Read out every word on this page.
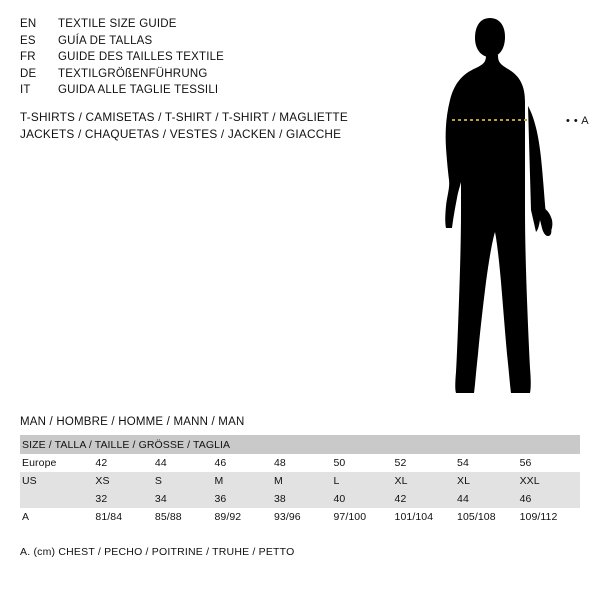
EN	TEXTILE SIZE GUIDE
ES	GUÍA DE TALLAS
FR	GUIDE DES TAILLES TEXTILE
DE	TEXTILGRÖßENFÜHRUNG
IT	GUIDA ALLE TAGLIE TESSILI
T-SHIRTS / CAMISETAS / T-SHIRT / T-SHIRT / MAGLIETTE
JACKETS / CHAQUETAS / VESTES / JACKEN / GIACCHE
• • A
MAN / HOMBRE / HOMME / MANN / MAN
SIZE / TALLA / TAILLE / GRÖSSE / TAGLIA								
Europe	42	44	46	48	50	52	54	56
US	XS	S	M	M	L	XL	XL	XXL
	32	34	36	38	40	42	44	46
A	81/84	85/88	89/92	93/96	97/100	101/104	105/108	109/112
A. (cm) CHEST / PECHO / POITRINE / TRUHE / PETTO
